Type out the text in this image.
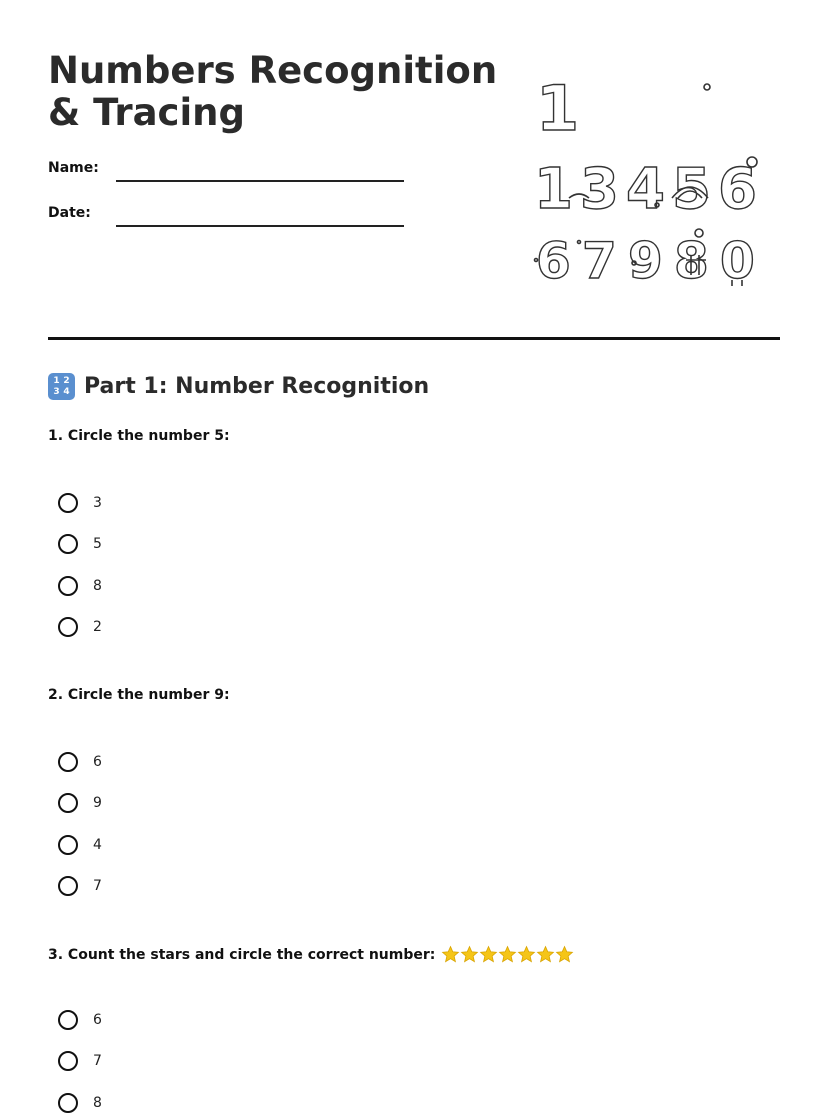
Numbers Recognition & Tracing
Name:
Date:
1
1 3 4 5 6
6 7 9 8 0
1 2
3 4 Part 1: Number Recognition
1. Circle the number 5:
3
5
8
2
2. Circle the number 9:
6
9
4
7
3. Count the stars and circle the correct number:
6
7
8
